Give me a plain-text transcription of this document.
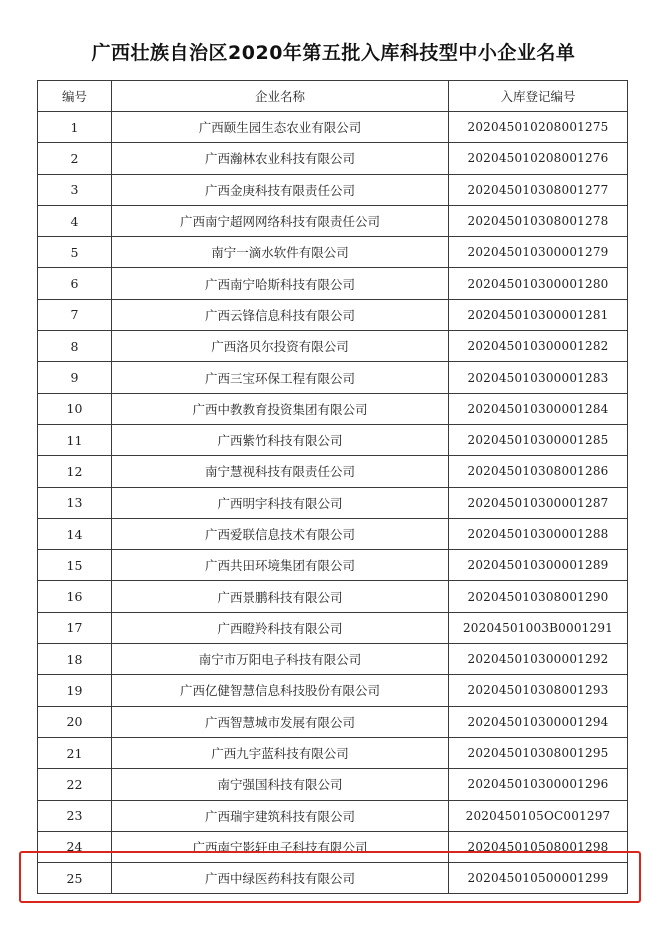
广西壮族自治区2020年第五批入库科技型中小企业名单
编号	企业名称	入库登记编号
1	广西颐生园生态农业有限公司	202045010208001275
2	广西瀚林农业科技有限公司	202045010208001276
3	广西金庚科技有限责任公司	202045010308001277
4	广西南宁超网网络科技有限责任公司	202045010308001278
5	南宁一滴水软件有限公司	202045010300001279
6	广西南宁哈斯科技有限公司	202045010300001280
7	广西云锋信息科技有限公司	202045010300001281
8	广西洛贝尔投资有限公司	202045010300001282
9	广西三宝环保工程有限公司	202045010300001283
10	广西中教教育投资集团有限公司	202045010300001284
11	广西紫竹科技有限公司	202045010300001285
12	南宁慧视科技有限责任公司	202045010308001286
13	广西明宇科技有限公司	202045010300001287
14	广西爱联信息技术有限公司	202045010300001288
15	广西共田环境集团有限公司	202045010300001289
16	广西景鹏科技有限公司	202045010308001290
17	广西瞪羚科技有限公司	20204501003B0001291
18	南宁市万阳电子科技有限公司	202045010300001292
19	广西亿健智慧信息科技股份有限公司	202045010308001293
20	广西智慧城市发展有限公司	202045010300001294
21	广西九宇蓝科技有限公司	202045010308001295
22	南宁强国科技有限公司	202045010300001296
23	广西瑞宇建筑科技有限公司	2020450105OC001297
24	广西南宁影轩电子科技有限公司	202045010508001298
25	广西中绿医药科技有限公司	202045010500001299
